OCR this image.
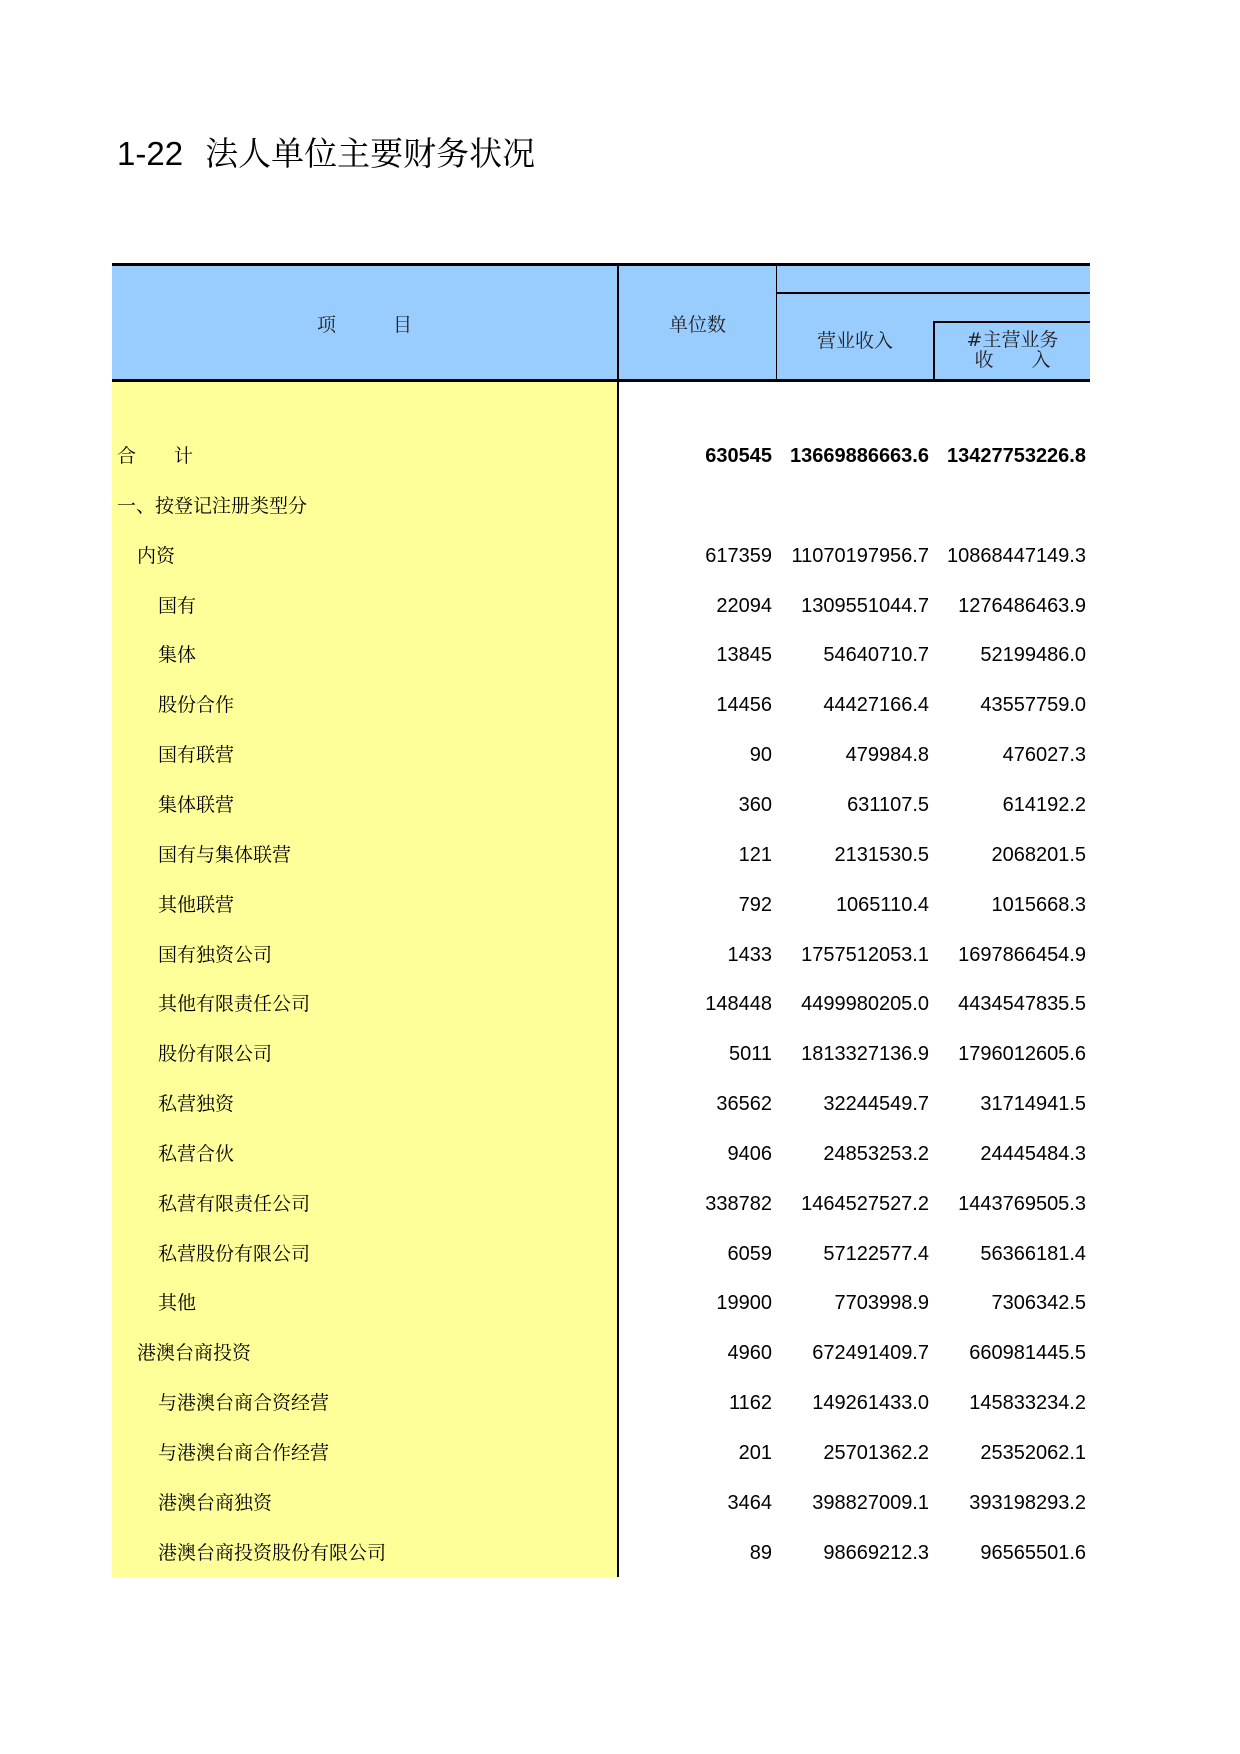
1-22 法人单位主要财务状况
项　　　目	单位数
营业收入	#主营业务
收　　入
合　　计	630545 13669886663.6 13427753226.8
一、按登记注册类型分
内资	617359 11070197956.7 10868447149.3
国有	22094	1309551044.7	1276486463.9
集体	13845	54640710.7	52199486.0
股份合作	14456	44427166.4	43557759.0
国有联营	90	479984.8	476027.3
集体联营	360	631107.5	614192.2
国有与集体联营	121	2131530.5	2068201.5
其他联营	792	1065110.4	1015668.3
国有独资公司	1433	1757512053.1	1697866454.9
其他有限责任公司	148448	4499980205.0	4434547835.5
股份有限公司	5011	1813327136.9	1796012605.6
私营独资	36562	32244549.7	31714941.5
私营合伙	9406	24853253.2	24445484.3
私营有限责任公司	338782	1464527527.2	1443769505.3
私营股份有限公司	6059	57122577.4	56366181.4
其他	19900	7703998.9	7306342.5
港澳台商投资	4960	672491409.7	660981445.5
与港澳台商合资经营	1162	149261433.0	145833234.2
与港澳台商合作经营	201	25701362.2	25352062.1
港澳台商独资	3464	398827009.1	393198293.2
港澳台商投资股份有限公司	89	98669212.3	96565501.6
